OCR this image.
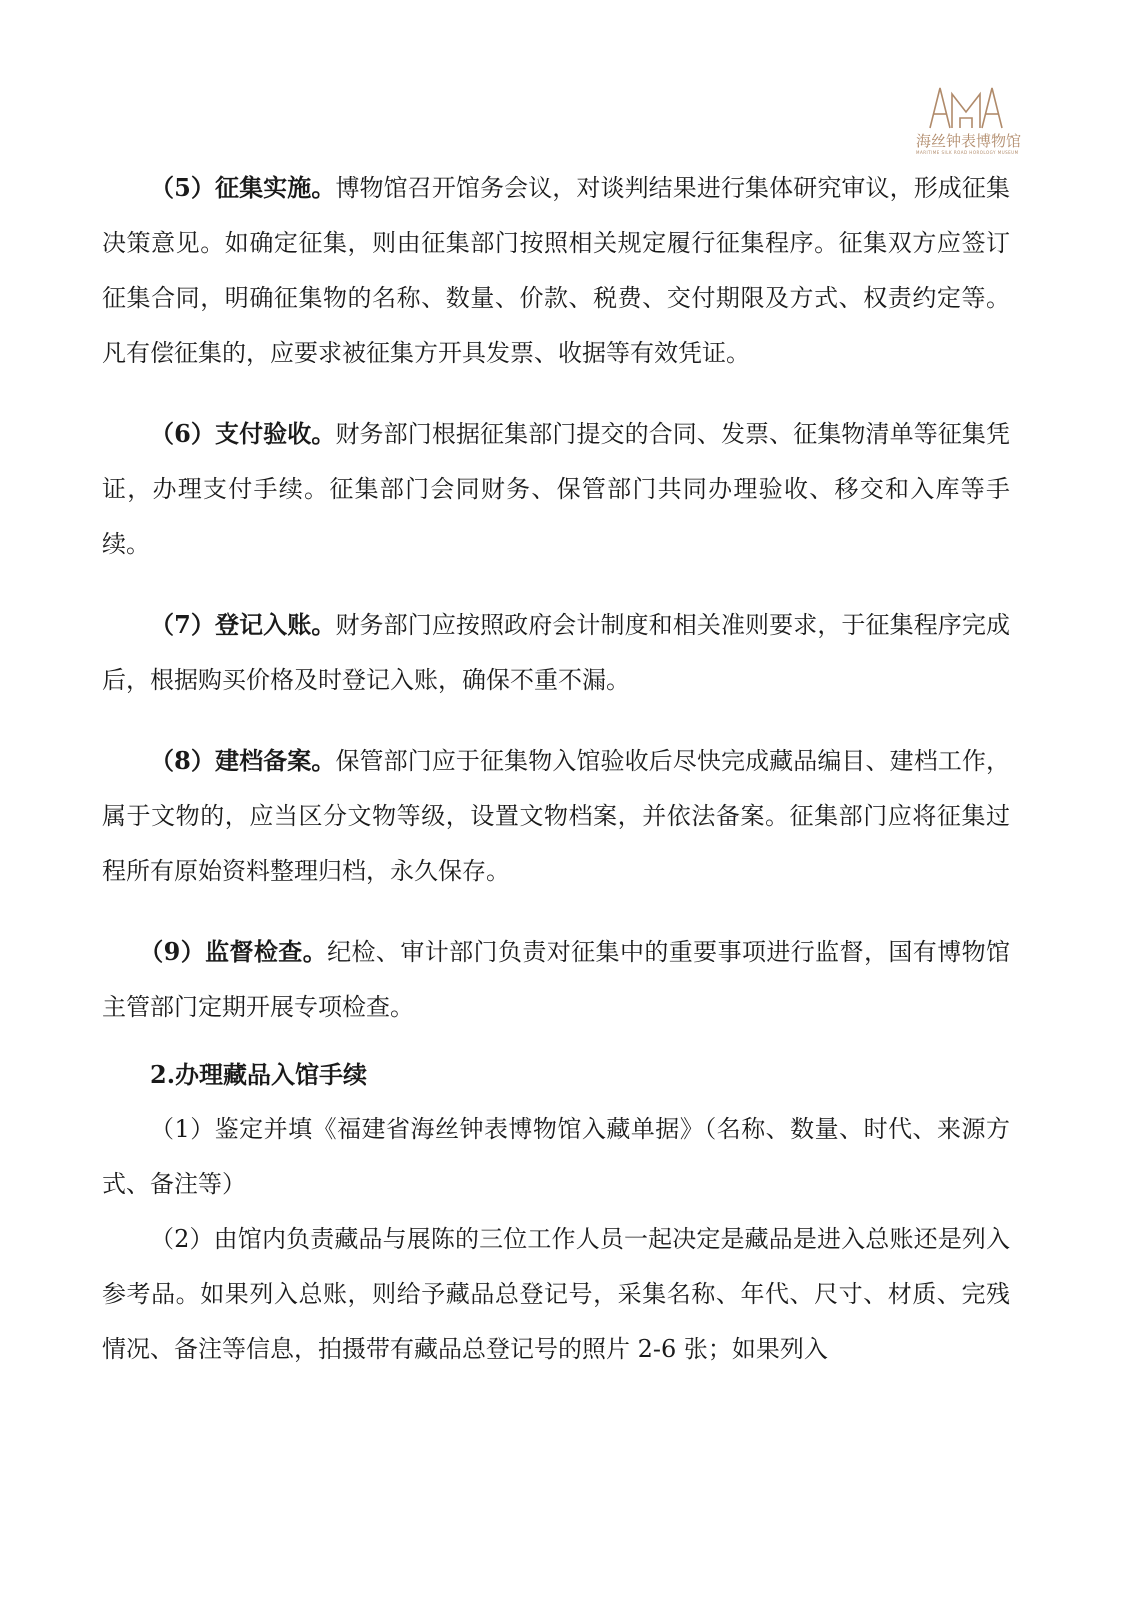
海丝钟表博物馆
MARITIME SILK ROAD HOROLOGY MUSEUM

（5）征集实施。博物馆召开馆务会议，对谈判结果进行集体研究审议，形成征集决策意见。如确定征集，则由征集部门按照相关规定履行征集程序。征集双方应签订征集合同，明确征集物的名称、数量、价款、税费、交付期限及方式、权责约定等。凡有偿征集的，应要求被征集方开具发票、收据等有效凭证。

（6）支付验收。财务部门根据征集部门提交的合同、发票、征集物清单等征集凭证，办理支付手续。征集部门会同财务、保管部门共同办理验收、移交和入库等手续。

（7）登记入账。财务部门应按照政府会计制度和相关准则要求，于征集程序完成后，根据购买价格及时登记入账，确保不重不漏。

（8）建档备案。保管部门应于征集物入馆验收后尽快完成藏品编目、建档工作，属于文物的，应当区分文物等级，设置文物档案，并依法备案。征集部门应将征集过程所有原始资料整理归档，永久保存。

（9）监督检查。纪检、审计部门负责对征集中的重要事项进行监督，国有博物馆主管部门定期开展专项检查。

2.办理藏品入馆手续

（1）鉴定并填《福建省海丝钟表博物馆入藏单据》（名称、数量、时代、来源方式、备注等）

（2）由馆内负责藏品与展陈的三位工作人员一起决定是藏品是进入总账还是列入参考品。如果列入总账，则给予藏品总登记号，采集名称、年代、尺寸、材质、完残情况、备注等信息，拍摄带有藏品总登记号的照片 2-6 张；如果列入
